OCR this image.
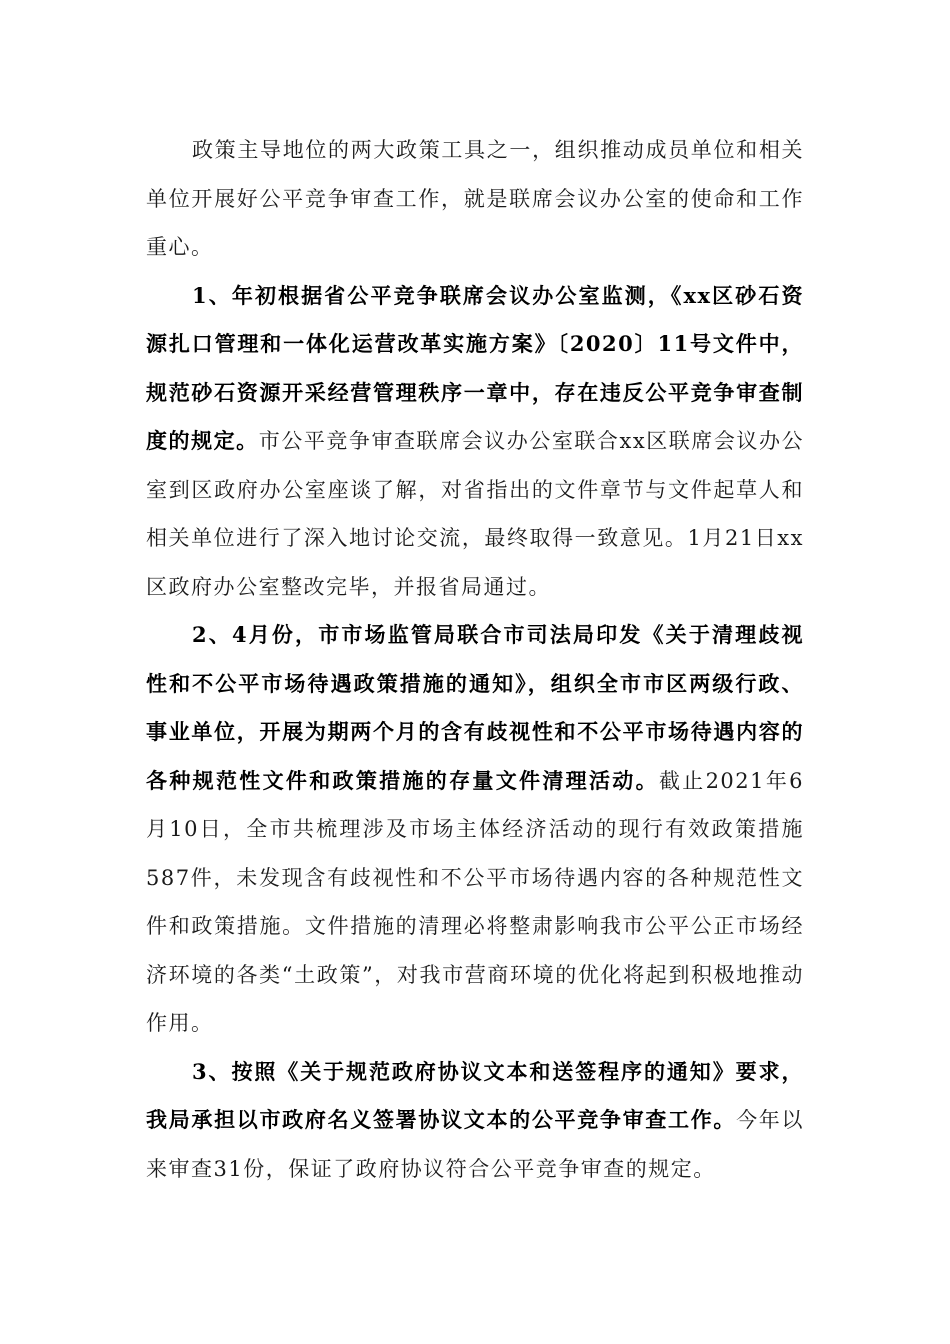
政策主导地位的两大政策工具之一，组织推动成员单位和相关单位开展好公平竞争审查工作，就是联席会议办公室的使命和工作重心。

1、年初根据省公平竞争联席会议办公室监测，《xx区砂石资源扎口管理和一体化运营改革实施方案》〔2020〕11号文件中，规范砂石资源开采经营管理秩序一章中，存在违反公平竞争审查制度的规定。市公平竞争审查联席会议办公室联合xx区联席会议办公室到区政府办公室座谈了解，对省指出的文件章节与文件起草人和相关单位进行了深入地讨论交流，最终取得一致意见。1月21日xx区政府办公室整改完毕，并报省局通过。

2、4月份，市市场监管局联合市司法局印发《关于清理歧视性和不公平市场待遇政策措施的通知》，组织全市市区两级行政、事业单位，开展为期两个月的含有歧视性和不公平市场待遇内容的各种规范性文件和政策措施的存量文件清理活动。截止2021年6月10日，全市共梳理涉及市场主体经济活动的现行有效政策措施587件，未发现含有歧视性和不公平市场待遇内容的各种规范性文件和政策措施。文件措施的清理必将整肃影响我市公平公正市场经济环境的各类“土政策”，对我市营商环境的优化将起到积极地推动作用。

3、按照《关于规范政府协议文本和送签程序的通知》要求，我局承担以市政府名义签署协议文本的公平竞争审查工作。今年以来审查31份，保证了政府协议符合公平竞争审查的规定。
